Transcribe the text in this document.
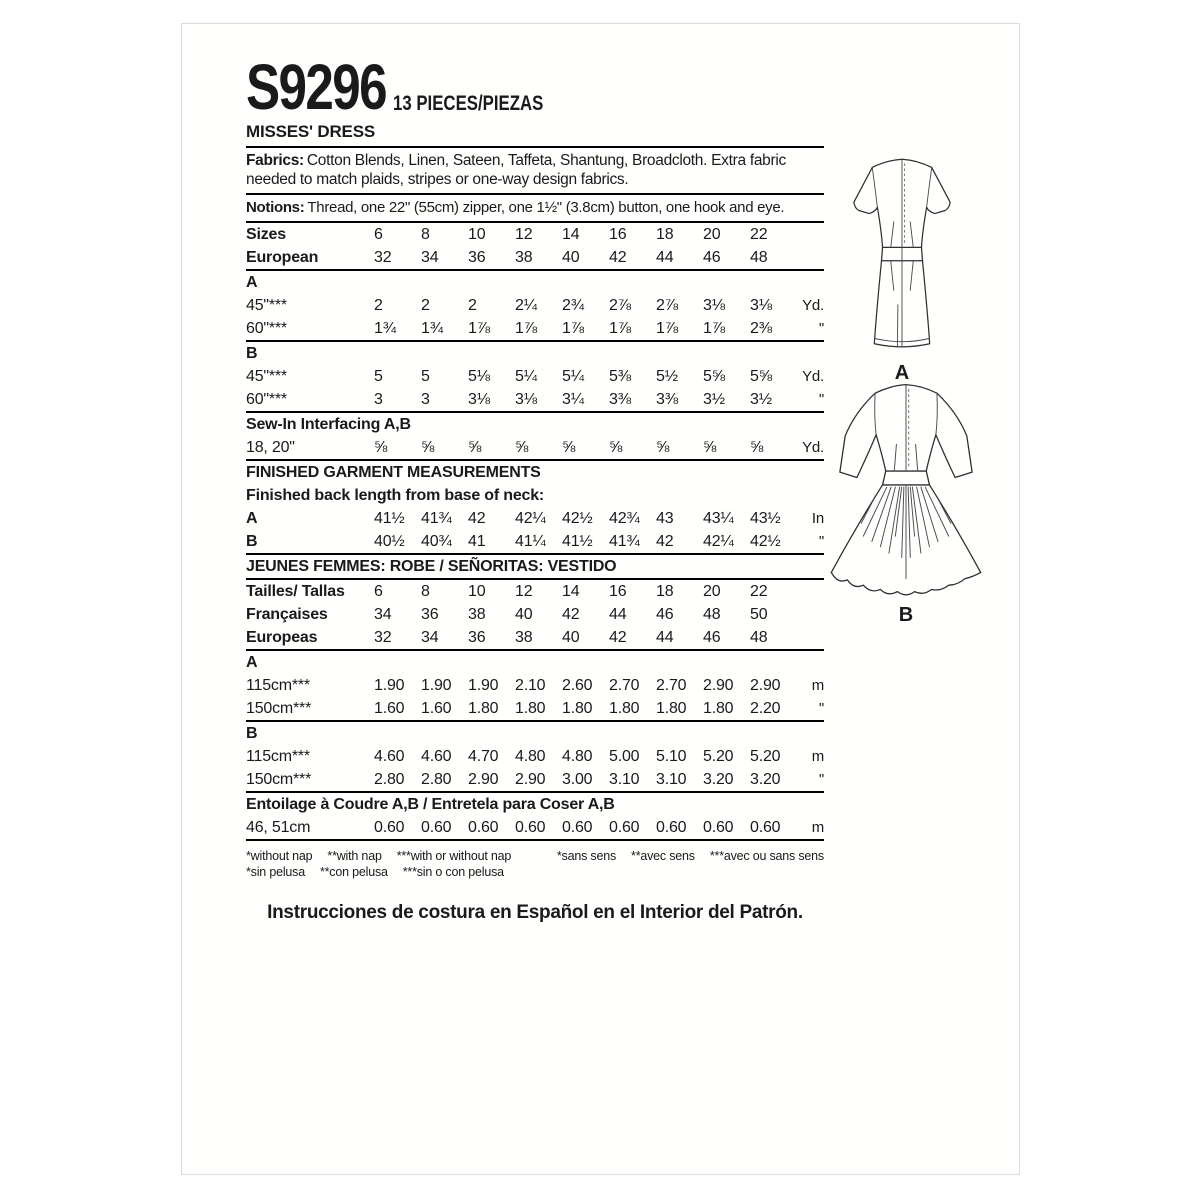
S9296 13 PIECES/PIEZAS
MISSES' DRESS
Fabrics: Cotton Blends, Linen, Sateen, Taffeta, Shantung, Broadcloth. Extra fabric needed to match plaids, stripes or one-way design fabrics.
Notions: Thread, one 22" (55cm) zipper, one 1½" (3.8cm) button, one hook and eye.
Sizes	6	8	10	12	14	16	18	20	22
European	32	34	36	38	40	42	44	46	48
A
45"***	2	2	2	2¼	2¾	2⅞	2⅞	3⅛	3⅛	Yd.
60"***	1¾	1¾	1⅞	1⅞	1⅞	1⅞	1⅞	1⅞	2⅜	"
B
45"***	5	5	5⅛	5¼	5¼	5⅜	5½	5⅝	5⅝	Yd.
60"***	3	3	3⅛	3⅛	3¼	3⅜	3⅜	3½	3½	"
Sew-In Interfacing A,B
18, 20"	⅝	⅝	⅝	⅝	⅝	⅝	⅝	⅝	⅝	Yd.
FINISHED GARMENT MEASUREMENTS
Finished back length from base of neck:
A	41½	41¾	42	42¼	42½	42¾	43	43¼	43½	In
B	40½	40¾	41	41¼	41½	41¾	42	42¼	42½	"
JEUNES FEMMES: ROBE / SEÑORITAS: VESTIDO
Tailles/ Tallas	6	8	10	12	14	16	18	20	22
Françaises	34	36	38	40	42	44	46	48	50
Europeas	32	34	36	38	40	42	44	46	48
A
115cm***	1.90	1.90	1.90	2.10	2.60	2.70	2.70	2.90	2.90	m
150cm***	1.60	1.60	1.80	1.80	1.80	1.80	1.80	1.80	2.20	"
B
115cm***	4.60	4.60	4.70	4.80	4.80	5.00	5.10	5.20	5.20	m
150cm***	2.80	2.80	2.90	2.90	3.00	3.10	3.10	3.20	3.20	"
Entoilage à Coudre A,B / Entretela para Coser A,B
46, 51cm	0.60	0.60	0.60	0.60	0.60	0.60	0.60	0.60	0.60	m
*without nap **with nap ***with or without nap
*sin pelusa **con pelusa ***sin o con pelusa
*sans sens **avec sens ***avec ou sans sens
Instrucciones de costura en Español en el Interior del Patrón.
A
B
